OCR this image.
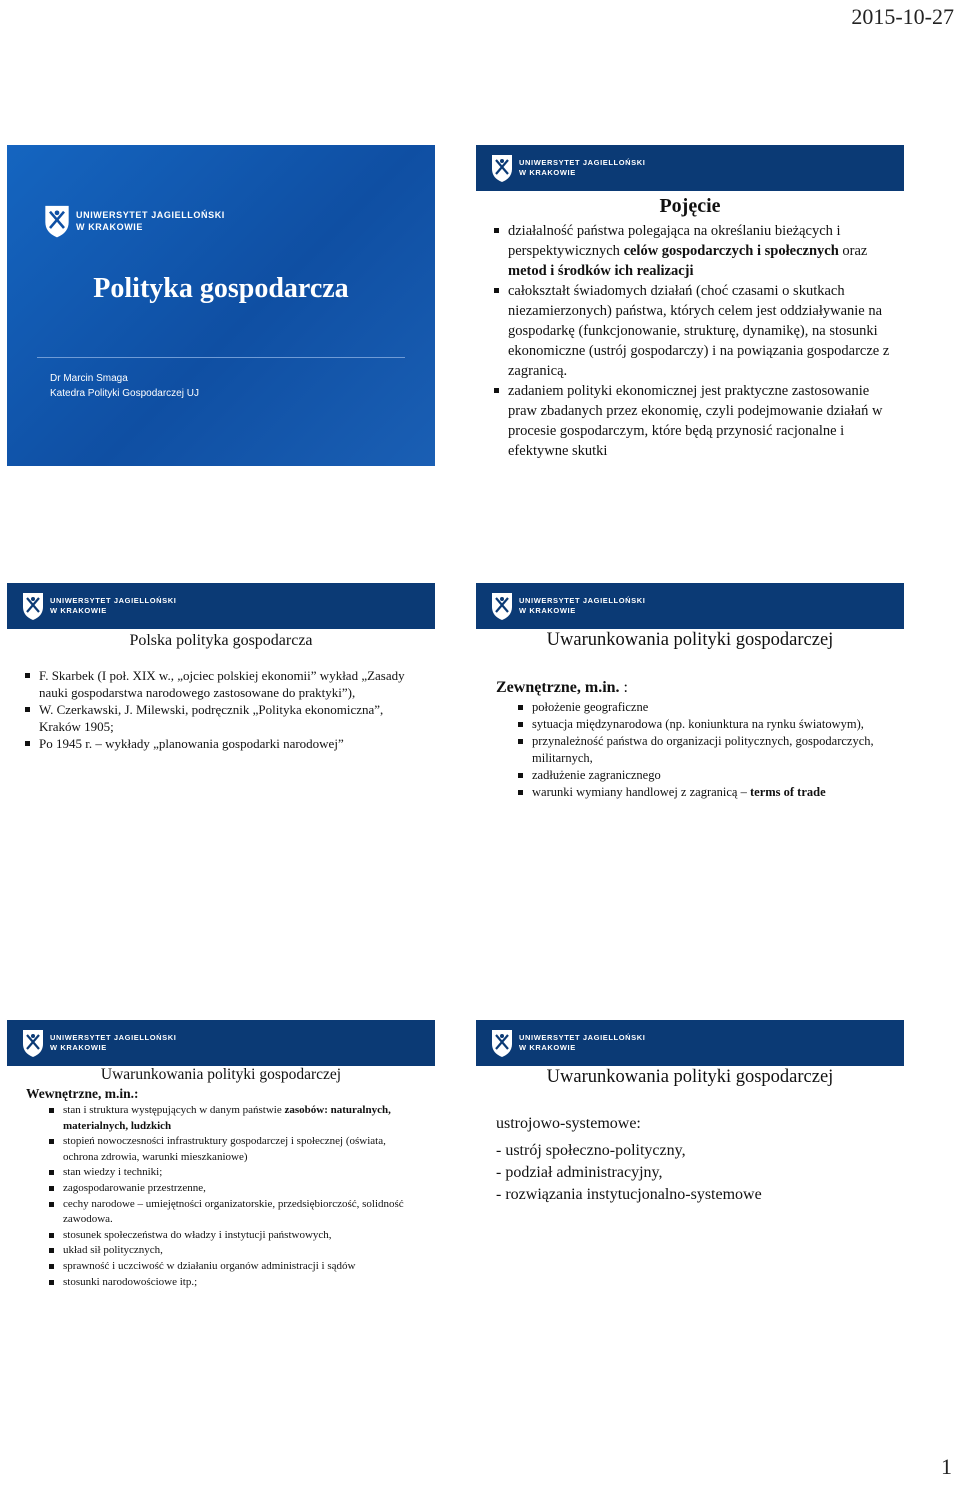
2015-10-27
UNIWERSYTET JAGIELLOŃSKI
W KRAKOWIE
Polityka gospodarcza
Dr Marcin Smaga
Katedra Polityki Gospodarczej UJ
UNIWERSYTET JAGIELLOŃSKI
W KRAKOWIE
Pojęcie
działalność państwa polegająca na określaniu bieżących i perspektywicznych celów gospodarczych i społecznych oraz metod i środków ich realizacji
całokształt świadomych działań (choć czasami o skutkach niezamierzonych) państwa, których celem jest oddziaływanie na gospodarkę (funkcjonowanie, strukturę, dynamikę), na stosunki ekonomiczne (ustrój gospodarczy) i na powiązania gospodarcze z zagranicą.
zadaniem polityki ekonomicznej jest praktyczne zastosowanie praw zbadanych przez ekonomię, czyli podejmowanie działań w procesie gospodarczym, które będą przynosić racjonalne i efektywne skutki
UNIWERSYTET JAGIELLOŃSKI
W KRAKOWIE
Polska polityka gospodarcza
F. Skarbek (I poł. XIX w., „ojciec polskiej ekonomii” wykład „Zasady nauki gospodarstwa narodowego zastosowane do praktyki”),
W. Czerkawski, J. Milewski, podręcznik „Polityka ekonomiczna”, Kraków 1905;
Po 1945 r. – wykłady „planowania gospodarki narodowej”
UNIWERSYTET JAGIELLOŃSKI
W KRAKOWIE
Uwarunkowania polityki gospodarczej
Zewnętrzne, m.in. :
położenie geograficzne
sytuacja międzynarodowa (np. koniunktura na rynku światowym),
przynależność państwa do organizacji politycznych, gospodarczych, militarnych,
zadłużenie zagranicznego
warunki wymiany handlowej z zagranicą – terms of trade
UNIWERSYTET JAGIELLOŃSKI
W KRAKOWIE
Uwarunkowania polityki gospodarczej
Wewnętrzne, m.in.:
stan i struktura występujących w danym państwie zasobów: naturalnych, materialnych, ludzkich
stopień nowoczesności infrastruktury gospodarczej i społecznej (oświata, ochrona zdrowia, warunki mieszkaniowe)
stan wiedzy i techniki;
zagospodarowanie przestrzenne,
cechy narodowe – umiejętności organizatorskie, przedsiębiorczość, solidność zawodowa.
stosunek społeczeństwa do władzy i instytucji państwowych,
układ sił politycznych,
sprawność i uczciwość w działaniu organów administracji i sądów
stosunki narodowościowe itp.;
UNIWERSYTET JAGIELLOŃSKI
W KRAKOWIE
Uwarunkowania polityki gospodarczej
ustrojowo-systemowe:
- ustrój społeczno-polityczny,
- podział administracyjny,
- rozwiązania instytucjonalno-systemowe
1
